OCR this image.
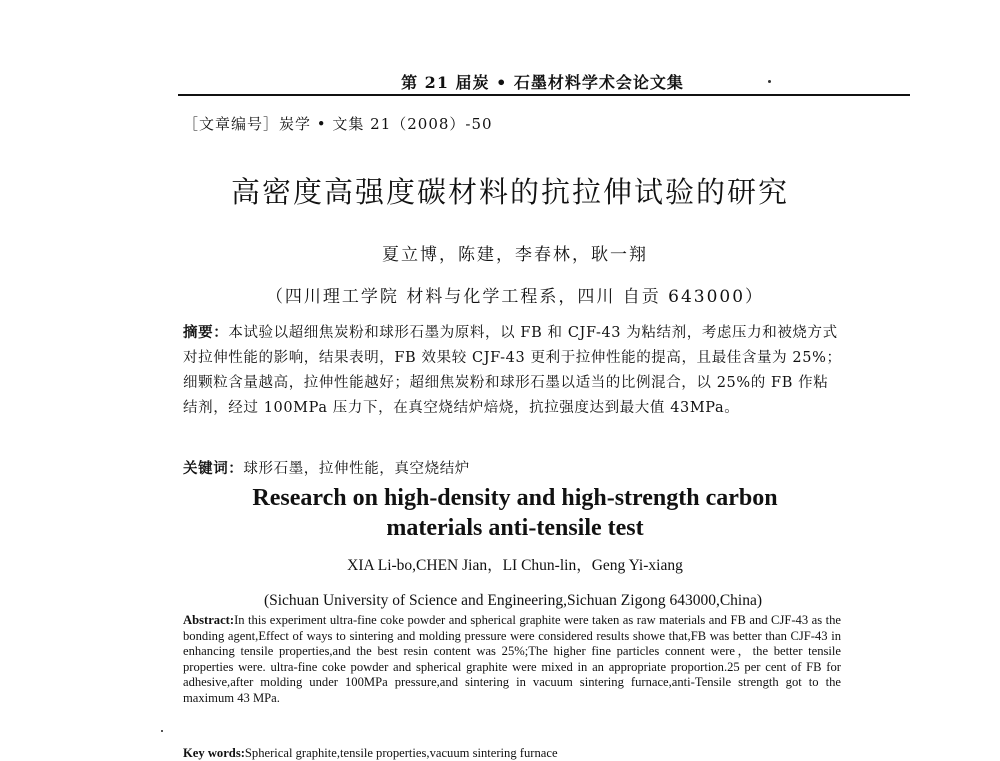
第 21 届炭 • 石墨材料学术会论文集
［文章编号］炭学 • 文集 21（2008）-50
高密度高强度碳材料的抗拉伸试验的研究
夏立博，陈建，李春林，耿一翔
（四川理工学院 材料与化学工程系，四川 自贡 643000）
摘要：本试验以超细焦炭粉和球形石墨为原料，以 FB 和 CJF-43 为粘结剂，考虑压力和被烧方式对拉伸性能的影响，结果表明，FB 效果较 CJF-43 更利于拉伸性能的提高，且最佳含量为 25%；细颗粒含量越高，拉伸性能越好；超细焦炭粉和球形石墨以适当的比例混合，以 25%的 FB 作粘结剂，经过 100MPa 压力下，在真空烧结炉焙烧，抗拉强度达到最大值 43MPa。
关键词：球形石墨，拉伸性能，真空烧结炉
Research on high-density and high-strength carbon
materials anti-tensile test
XIA Li-bo,CHEN Jian，LI Chun-lin，Geng Yi-xiang
(Sichuan University of Science and Engineering,Sichuan Zigong 643000,China)
Abstract:In this experiment ultra-fine coke powder and spherical graphite were taken as raw materials and FB and CJF-43 as the bonding agent,Effect of ways to sintering and molding pressure were considered results showe that,FB was better than CJF-43 in enhancing tensile properties,and the best resin content was 25%;The higher fine particles connent were，the better tensile properties were. ultra-fine coke powder and spherical graphite were mixed in an appropriate proportion.25 per cent of FB for adhesive,after molding under 100MPa pressure,and sintering in vacuum sintering furnace,anti-Tensile strength got to the maximum 43 MPa.
Key words:Spherical graphite,tensile properties,vacuum sintering furnace
